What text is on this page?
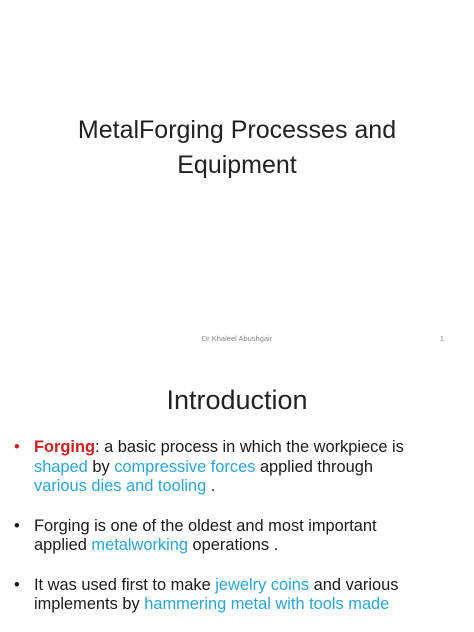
MetalForging Processes and
Equipment
Dr Khaleel Abushgair	1
Introduction
• Forging: a basic process in which the workpiece is
shaped by compressive forces applied through
various dies and tooling .
• Forging is one of the oldest and most important
applied metalworking operations .
• It was used first to make jewelry coins and various
implements by hammering metal with tools made
